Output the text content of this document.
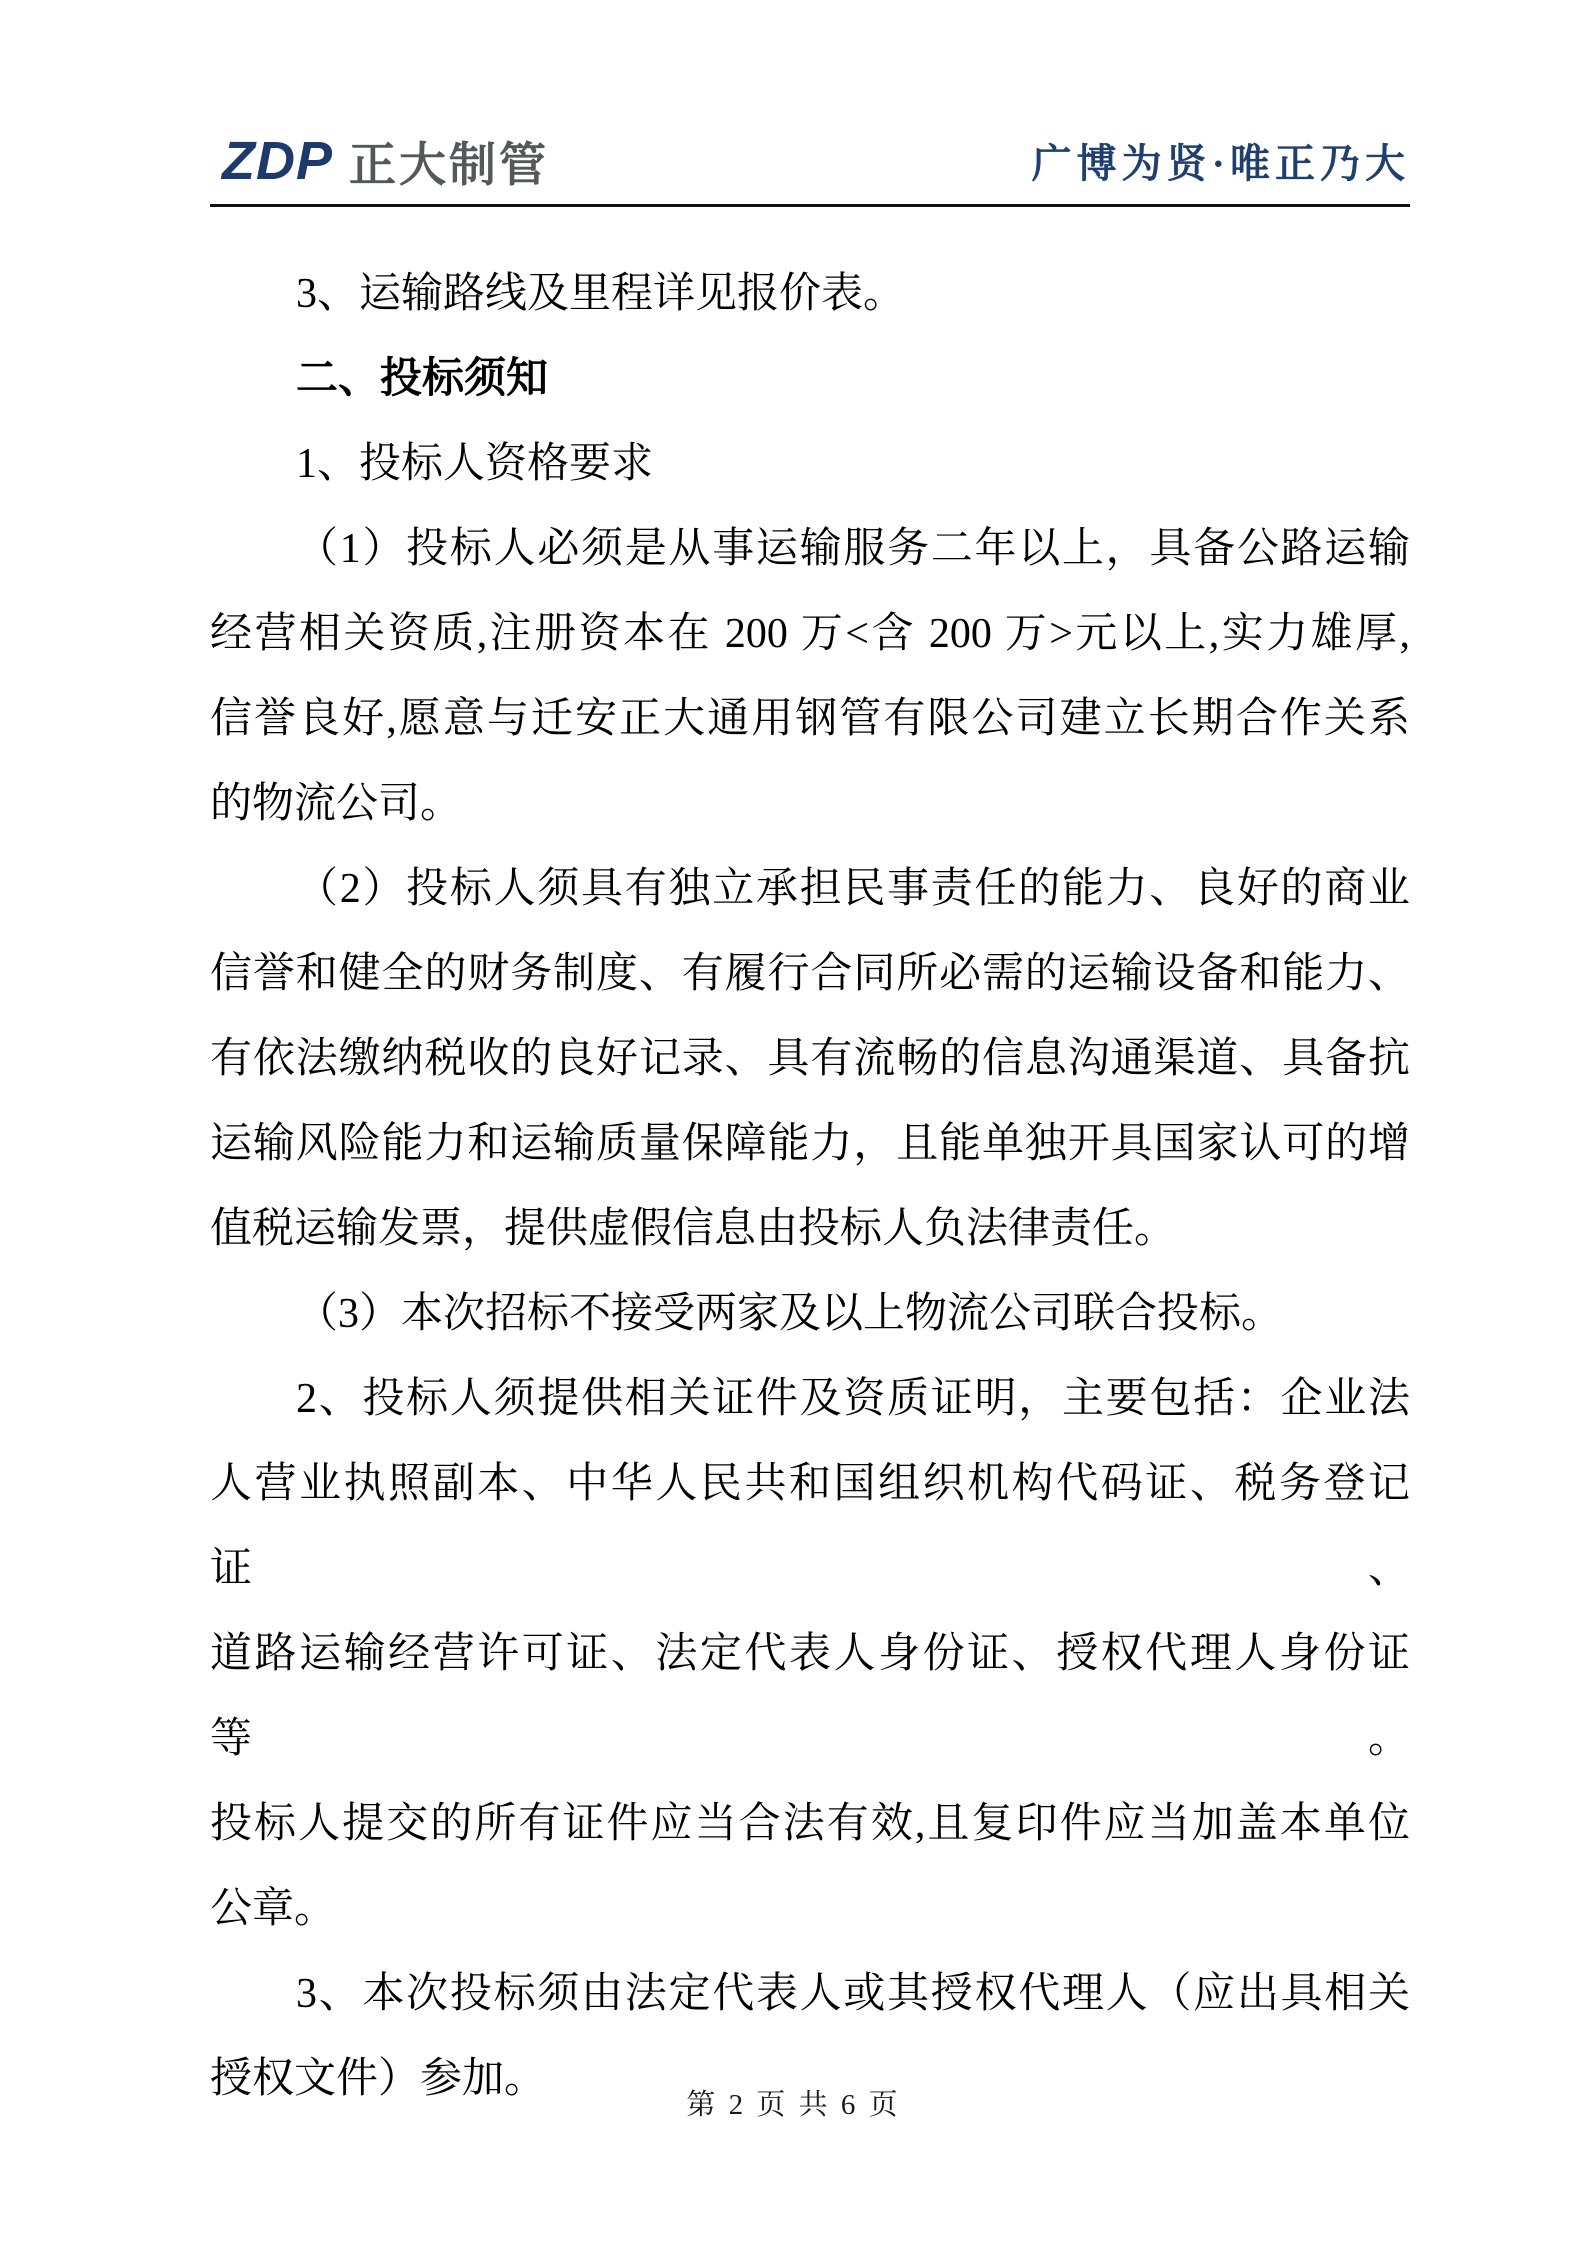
ZDP 正大制管	广博为贤·唯正乃大
3、运输路线及里程详见报价表。
二、投标须知
1、投标人资格要求
（1）投标人必须是从事运输服务二年以上，具备公路运输
经营相关资质,注册资本在 200 万<含 200 万>元以上,实力雄厚,
信誉良好,愿意与迁安正大通用钢管有限公司建立长期合作关系
的物流公司。
（2）投标人须具有独立承担民事责任的能力、良好的商业
信誉和健全的财务制度、有履行合同所必需的运输设备和能力、
有依法缴纳税收的良好记录、具有流畅的信息沟通渠道、具备抗
运输风险能力和运输质量保障能力，且能单独开具国家认可的增
值税运输发票，提供虚假信息由投标人负法律责任。
（3）本次招标不接受两家及以上物流公司联合投标。
2、投标人须提供相关证件及资质证明，主要包括：企业法
人营业执照副本、中华人民共和国组织机构代码证、税务登记证、
道路运输经营许可证、法定代表人身份证、授权代理人身份证等。
投标人提交的所有证件应当合法有效,且复印件应当加盖本单位
公章。
3、本次投标须由法定代表人或其授权代理人（应出具相关
授权文件）参加。
第 2 页 共 6 页
